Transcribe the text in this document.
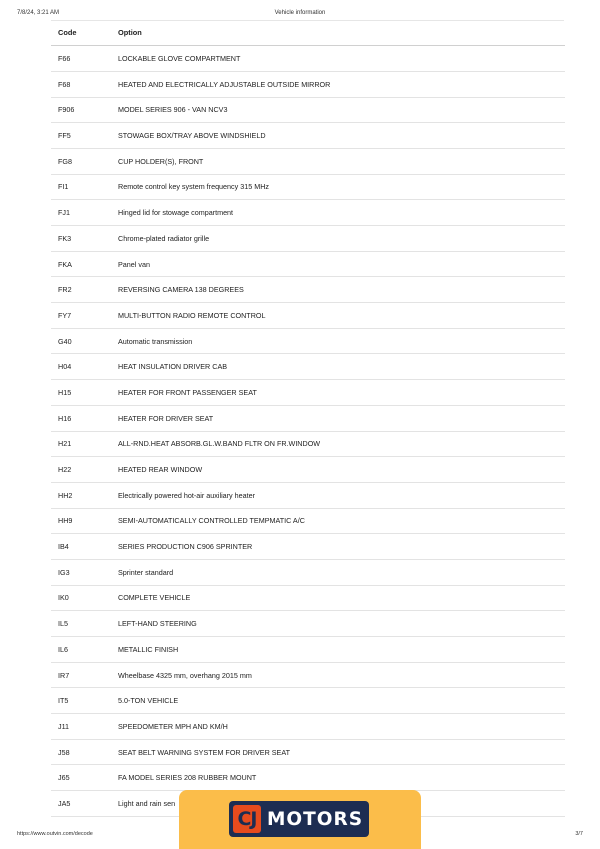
7/8/24, 3:21 AM	Vehicle information
Code	Option
F66	LOCKABLE GLOVE COMPARTMENT
F68	HEATED AND ELECTRICALLY ADJUSTABLE OUTSIDE MIRROR
F906	MODEL SERIES 906 - VAN NCV3
FF5	STOWAGE BOX/TRAY ABOVE WINDSHIELD
FG8	CUP HOLDER(S), FRONT
FI1	Remote control key system frequency 315 MHz
FJ1	Hinged lid for stowage compartment
FK3	Chrome-plated radiator grille
FKA	Panel van
FR2	REVERSING CAMERA 138 DEGREES
FY7	MULTI-BUTTON RADIO REMOTE CONTROL
G40	Automatic transmission
H04	HEAT INSULATION DRIVER CAB
H15	HEATER FOR FRONT PASSENGER SEAT
H16	HEATER FOR DRIVER SEAT
H21	ALL-RND.HEAT ABSORB.GL.W.BAND FLTR ON FR.WINDOW
H22	HEATED REAR WINDOW
HH2	Electrically powered hot-air auxiliary heater
HH9	SEMI-AUTOMATICALLY CONTROLLED TEMPMATIC A/C
IB4	SERIES PRODUCTION C906 SPRINTER
IG3	Sprinter standard
IK0	COMPLETE VEHICLE
IL5	LEFT-HAND STEERING
IL6	METALLIC FINISH
IR7	Wheelbase 4325 mm, overhang 2015 mm
IT5	5.0-TON VEHICLE
J11	SPEEDOMETER MPH AND KM/H
J58	SEAT BELT WARNING SYSTEM FOR DRIVER SEAT
J65	FA MODEL SERIES 208 RUBBER MOUNT
JA5	Light and rain sen
https://www.outvin.com/decode	3/7
CJ MOTORS
